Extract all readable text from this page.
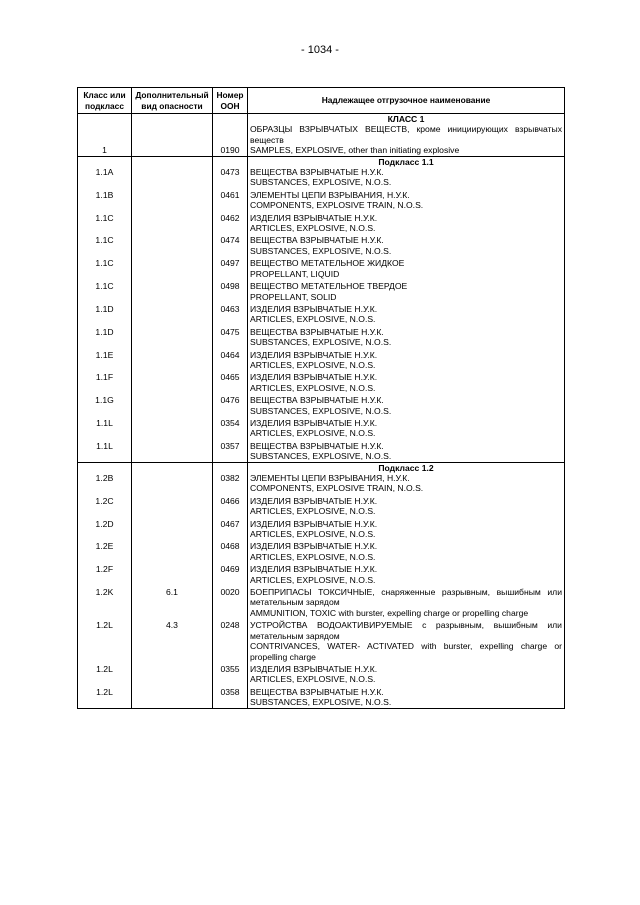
- 1034 -
Класс или подкласс	Дополнительный вид опасности	Номер ООН	Надлежащее отгрузочное наименование

			КЛАСС 1

1		0190	ОБРАЗЦЫ ВЗРЫВЧАТЫХ ВЕЩЕСТВ, кроме инициирующих взрывчатых веществ
SAMPLES, EXPLOSIVE, other than initiating explosive

			Подкласс 1.1

1.1A		0473	ВЕЩЕСТВА ВЗРЫВЧАТЫЕ Н.У.К.
SUBSTANCES, EXPLOSIVE, N.O.S.

1.1B		0461	ЭЛЕМЕНТЫ ЦЕПИ ВЗРЫВАНИЯ, Н.У.К.
COMPONENTS, EXPLOSIVE TRAIN, N.O.S.

1.1C		0462	ИЗДЕЛИЯ ВЗРЫВЧАТЫЕ Н.У.К.
ARTICLES, EXPLOSIVE, N.O.S.

1.1C		0474	ВЕЩЕСТВА ВЗРЫВЧАТЫЕ Н.У.К.
SUBSTANCES, EXPLOSIVE, N.O.S.

1.1C		0497	ВЕЩЕСТВО МЕТАТЕЛЬНОЕ ЖИДКОЕ
PROPELLANT, LIQUID

1.1C		0498	ВЕЩЕСТВО МЕТАТЕЛЬНОЕ ТВЕРДОЕ
PROPELLANT, SOLID

1.1D		0463	ИЗДЕЛИЯ ВЗРЫВЧАТЫЕ Н.У.К.
ARTICLES, EXPLOSIVE, N.O.S.

1.1D		0475	ВЕЩЕСТВА ВЗРЫВЧАТЫЕ Н.У.К.
SUBSTANCES, EXPLOSIVE, N.O.S.

1.1E		0464	ИЗДЕЛИЯ ВЗРЫВЧАТЫЕ Н.У.К.
ARTICLES, EXPLOSIVE, N.O.S.

1.1F		0465	ИЗДЕЛИЯ ВЗРЫВЧАТЫЕ Н.У.К.
ARTICLES, EXPLOSIVE, N.O.S.

1.1G		0476	ВЕЩЕСТВА ВЗРЫВЧАТЫЕ Н.У.К.
SUBSTANCES, EXPLOSIVE, N.O.S.

1.1L		0354	ИЗДЕЛИЯ ВЗРЫВЧАТЫЕ Н.У.К.
ARTICLES, EXPLOSIVE, N.O.S.

1.1L		0357	ВЕЩЕСТВА ВЗРЫВЧАТЫЕ Н.У.К.
SUBSTANCES, EXPLOSIVE, N.O.S.

			Подкласс 1.2

1.2B		0382	ЭЛЕМЕНТЫ ЦЕПИ ВЗРЫВАНИЯ, Н.У.К.
COMPONENTS, EXPLOSIVE TRAIN, N.O.S.

1.2C		0466	ИЗДЕЛИЯ ВЗРЫВЧАТЫЕ Н.У.К.
ARTICLES, EXPLOSIVE, N.O.S.

1.2D		0467	ИЗДЕЛИЯ ВЗРЫВЧАТЫЕ Н.У.К.
ARTICLES, EXPLOSIVE, N.O.S.

1.2E		0468	ИЗДЕЛИЯ ВЗРЫВЧАТЫЕ Н.У.К.
ARTICLES, EXPLOSIVE, N.O.S.

1.2F		0469	ИЗДЕЛИЯ ВЗРЫВЧАТЫЕ Н.У.К.
ARTICLES, EXPLOSIVE, N.O.S.

1.2K	6.1	0020	БОЕПРИПАСЫ ТОКСИЧНЫЕ, снаряженные разрывным, вышибным или метательным зарядом
AMMUNITION, TOXIC with burster, expelling charge or propelling charge

1.2L	4.3	0248	УСТРОЙСТВА ВОДОАКТИВИРУЕМЫЕ с разрывным, вышибным или метательным зарядом
CONTRIVANCES, WATER- ACTIVATED with burster, expelling charge or propelling charge

1.2L		0355	ИЗДЕЛИЯ ВЗРЫВЧАТЫЕ Н.У.К.
ARTICLES, EXPLOSIVE, N.O.S.

1.2L		0358	ВЕЩЕСТВА ВЗРЫВЧАТЫЕ Н.У.К.
SUBSTANCES, EXPLOSIVE, N.O.S.
